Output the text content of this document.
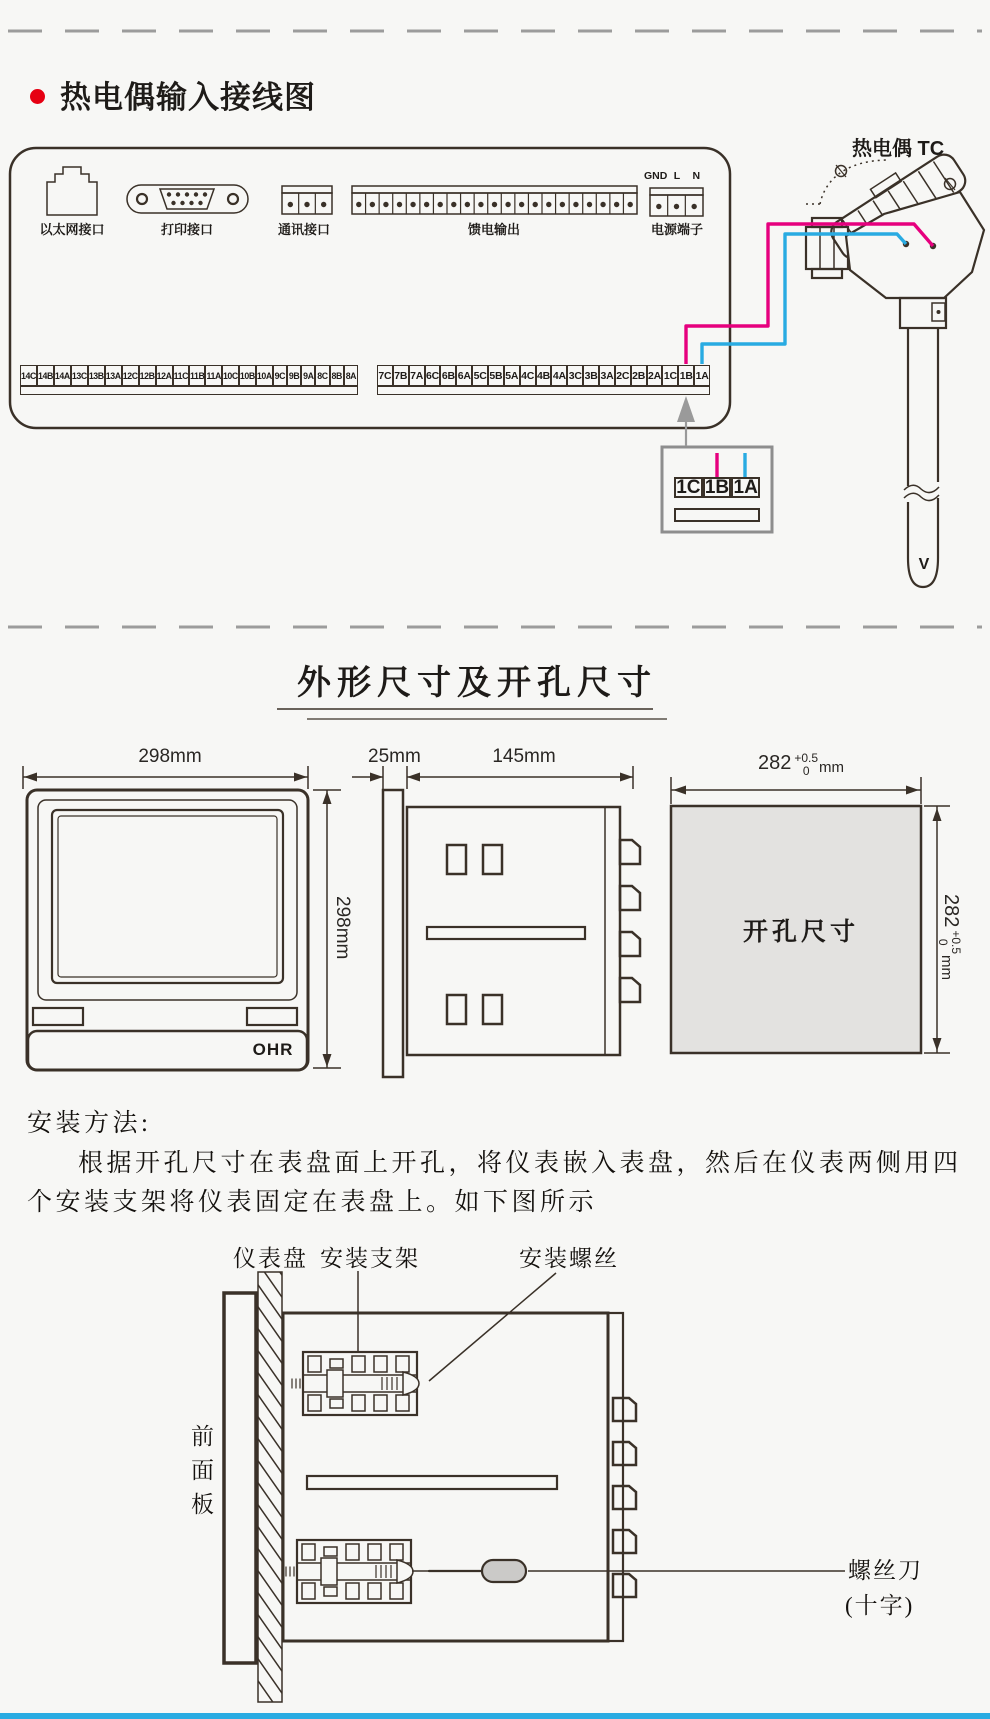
热电偶输入接线图
以太网接口	打印接口	通讯接口	馈电输出	电源端子
GND L	N
14C 14B 14A 13C 13B 13A 12C 12B 12A 11C 11B 11A 10C 10B 10A 9C 9B 9A 8C 8B 8A 7C 7B 7A 6C 6B 6A 5C 5B 5A 4C 4B 4A 3C 3B 3A 2C 2B 2A 1C 1B 1A
热电偶 TC
V
1C 1B 1A
外形尺寸及开孔尺寸
298mm
298mm
OHR
25mm	145mm	282 +0.5
0 mm
282
+0.5
0
mm
开孔尺寸
安装方法:
根据开孔尺寸在表盘面上开孔，将仪表嵌入表盘，然后在仪表两侧用四
个安装支架将仪表固定在表盘上。如下图所示
仪表盘 安装支架	安装螺丝
前面板
螺丝刀
(十字)
